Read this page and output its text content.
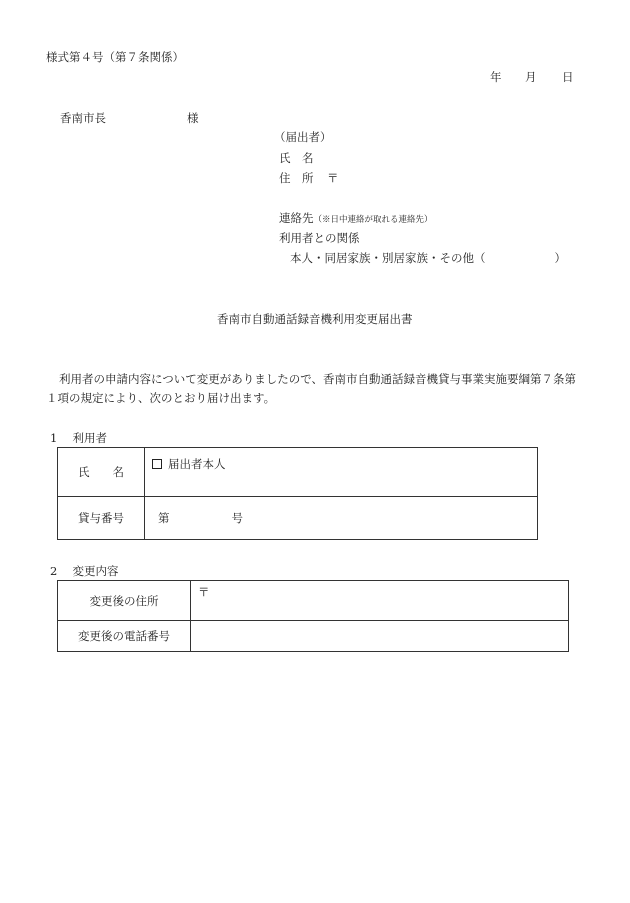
様式第４号（第７条関係）
年 月 日
香南市長	様
（届出者）
氏　名
住　所 〒
連絡先（※日中連絡が取れる連絡先）
利用者との関係
本人・同居家族・別居家族・その他（　　　　　　）
香南市自動通話録音機利用変更届出書
利用者の申請内容について変更がありましたので、香南市自動通話録音機貸与事業実施要綱第７条第
１項の規定により、次のとおり届け出ます。
1　 利用者
氏　　名	届出者本人
貸与番号	第 号
2　 変更内容
変更後の住所	〒
変更後の電話番号	
